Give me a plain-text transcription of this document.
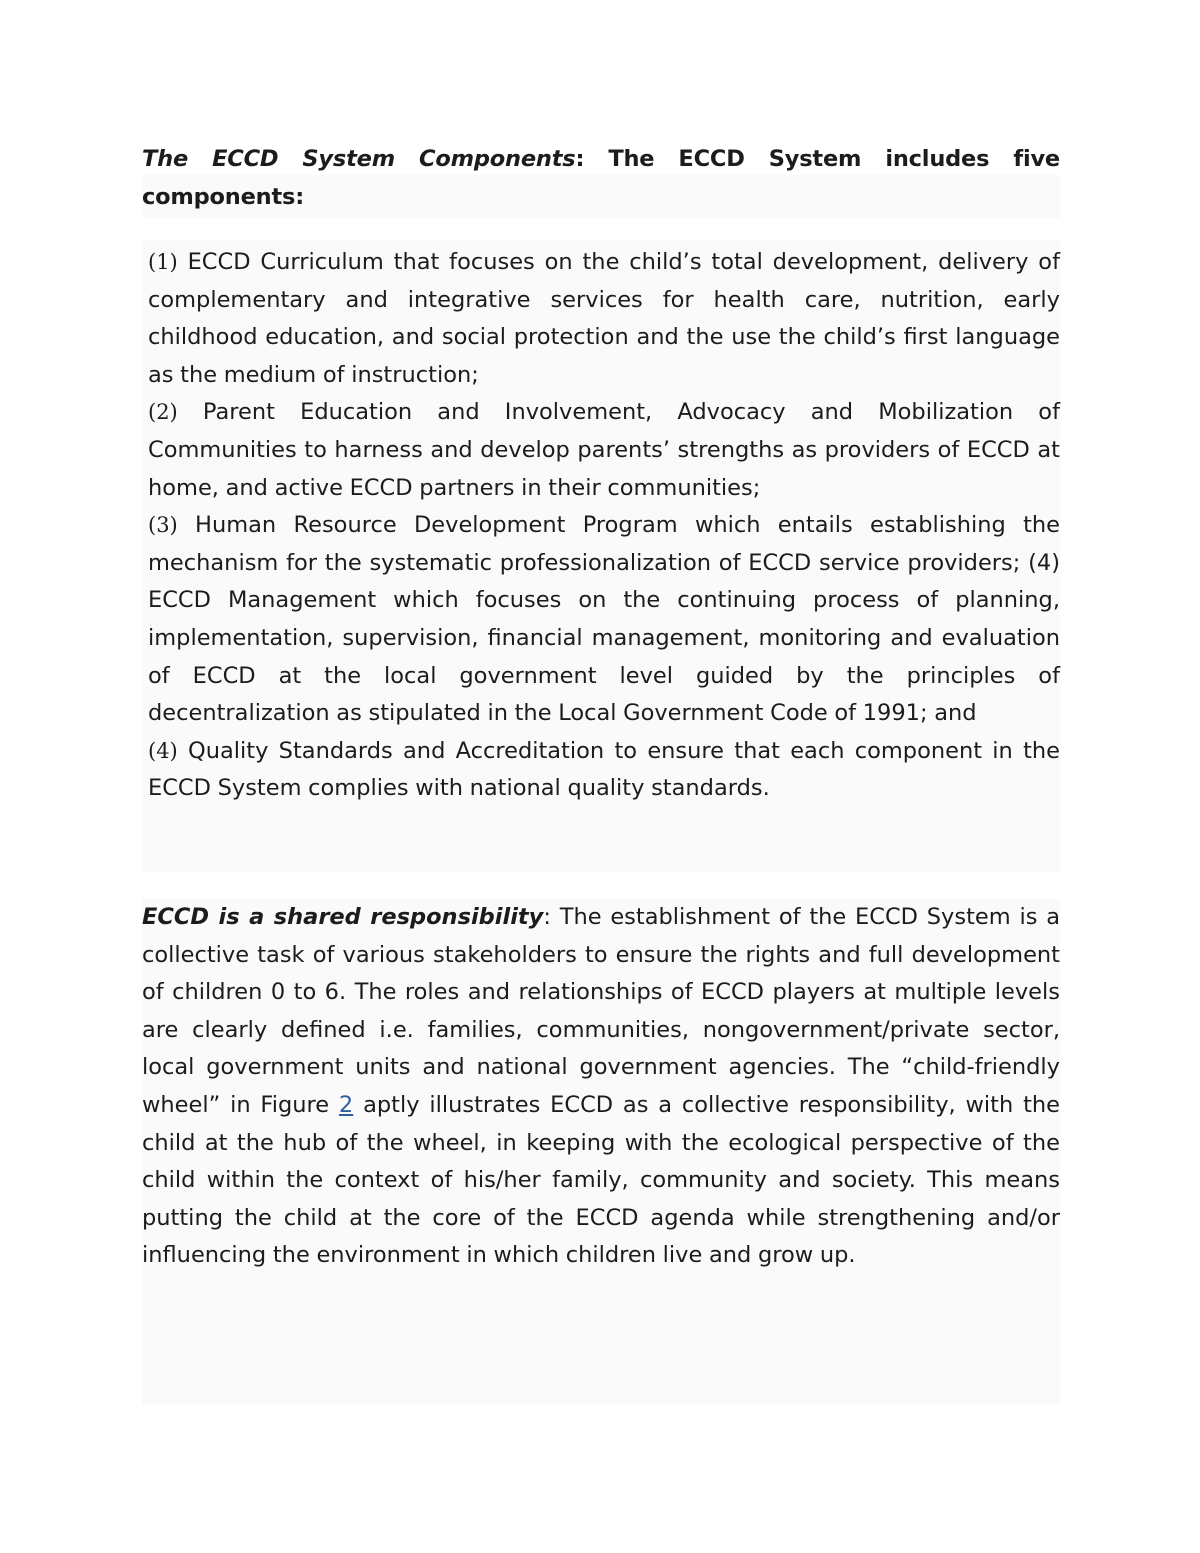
The ECCD System Components: The ECCD System includes five components:

(1) ECCD Curriculum that focuses on the child’s total development, delivery of complementary and integrative services for health care, nutrition, early childhood education, and social protection and the use the child’s first language as the medium of instruction;

(2) Parent Education and Involvement, Advocacy and Mobilization of Communities to harness and develop parents’ strengths as providers of ECCD at home, and active ECCD partners in their communities;

(3) Human Resource Development Program which entails establishing the mechanism for the systematic professionalization of ECCD service providers; (4) ECCD Management which focuses on the continuing process of planning, implementation, supervision, financial management, monitoring and evaluation of ECCD at the local government level guided by the principles of decentralization as stipulated in the Local Government Code of 1991; and

(4) Quality Standards and Accreditation to ensure that each component in the ECCD System complies with national quality standards.

ECCD is a shared responsibility: The establishment of the ECCD System is a collective task of various stakeholders to ensure the rights and full development of children 0 to 6. The roles and relationships of ECCD players at multiple levels are clearly defined i.e. families, communities, nongovernment/private sector, local government units and national government agencies. The “child-friendly wheel” in Figure 2 aptly illustrates ECCD as a collective responsibility, with the child at the hub of the wheel, in keeping with the ecological perspective of the child within the context of his/her family, community and society. This means putting the child at the core of the ECCD agenda while strengthening and/or influencing the environment in which children live and grow up.
